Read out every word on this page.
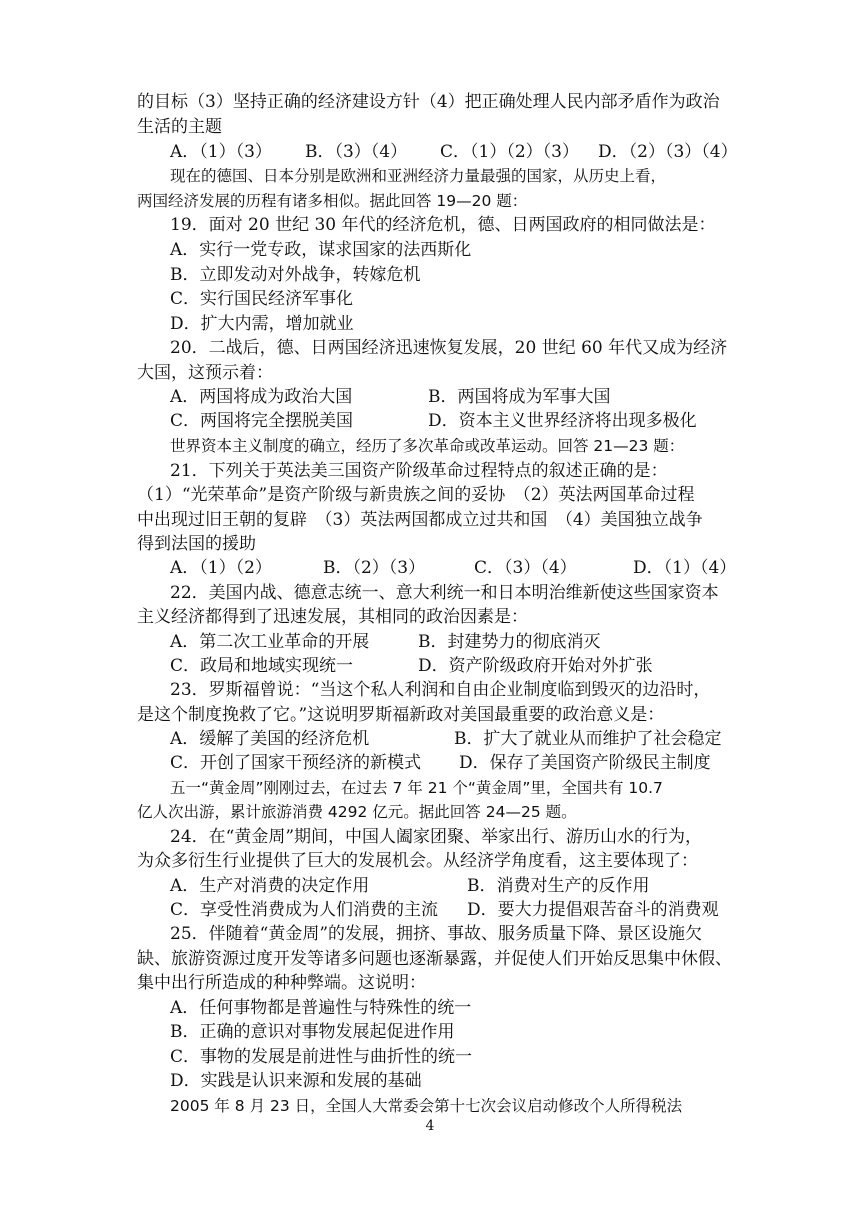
的目标（3）坚持正确的经济建设方针（4）把正确处理人民内部矛盾作为政治
生活的主题
A．（1）（3） B．（3）（4） C．（1）（2）（3） D．（2）（3）（4）
现在的德国、日本分别是欧洲和亚洲经济力量最强的国家，从历史上看，
两国经济发展的历程有诸多相似。据此回答 19—20 题：
19．面对 20 世纪 30 年代的经济危机，德、日两国政府的相同做法是：
A．实行一党专政，谋求国家的法西斯化
B．立即发动对外战争，转嫁危机
C．实行国民经济军事化
D．扩大内需，增加就业
20．二战后，德、日两国经济迅速恢复发展，20 世纪 60 年代又成为经济
大国，这预示着：
A．两国将成为政治大国	B．两国将成为军事大国
C．两国将完全摆脱美国	D．资本主义世界经济将出现多极化
世界资本主义制度的确立，经历了多次革命或改革运动。回答 21—23 题：
21．下列关于英法美三国资产阶级革命过程特点的叙述正确的是：
（1）“光荣革命”是资产阶级与新贵族之间的妥协　（2）英法两国革命过程
中出现过旧王朝的复辟　（3）英法两国都成立过共和国　（4）美国独立战争
得到法国的援助
A．（1）（2）	B．（2）（3）	C．（3）（4）	D．（1）（4）
22．美国内战、德意志统一、意大利统一和日本明治维新使这些国家资本
主义经济都得到了迅速发展，其相同的政治因素是：
A．第二次工业革命的开展	B．封建势力的彻底消灭
C．政局和地域实现统一	D．资产阶级政府开始对外扩张
23．罗斯福曾说：“当这个私人利润和自由企业制度临到毁灭的边沿时，
是这个制度挽救了它。”这说明罗斯福新政对美国最重要的政治意义是：
A．缓解了美国的经济危机	B．扩大了就业从而维护了社会稳定
C．开创了国家干预经济的新模式 D．保存了美国资产阶级民主制度
五一“黄金周”刚刚过去，在过去 7 年 21 个“黄金周”里，全国共有 10.7
亿人次出游，累计旅游消费 4292 亿元。据此回答 24—25 题。
24．在“黄金周”期间，中国人阖家团聚、举家出行、游历山水的行为，
为众多衍生行业提供了巨大的发展机会。从经济学角度看，这主要体现了：
A．生产对消费的决定作用	B．消费对生产的反作用
C．享受性消费成为人们消费的主流 D．要大力提倡艰苦奋斗的消费观
25．伴随着“黄金周”的发展，拥挤、事故、服务质量下降、景区设施欠
缺、旅游资源过度开发等诸多问题也逐渐暴露，并促使人们开始反思集中休假、
集中出行所造成的种种弊端。这说明：
A．任何事物都是普遍性与特殊性的统一
B．正确的意识对事物发展起促进作用
C．事物的发展是前进性与曲折性的统一
D．实践是认识来源和发展的基础
2005 年 8 月 23 日，全国人大常委会第十七次会议启动修改个人所得税法
4
